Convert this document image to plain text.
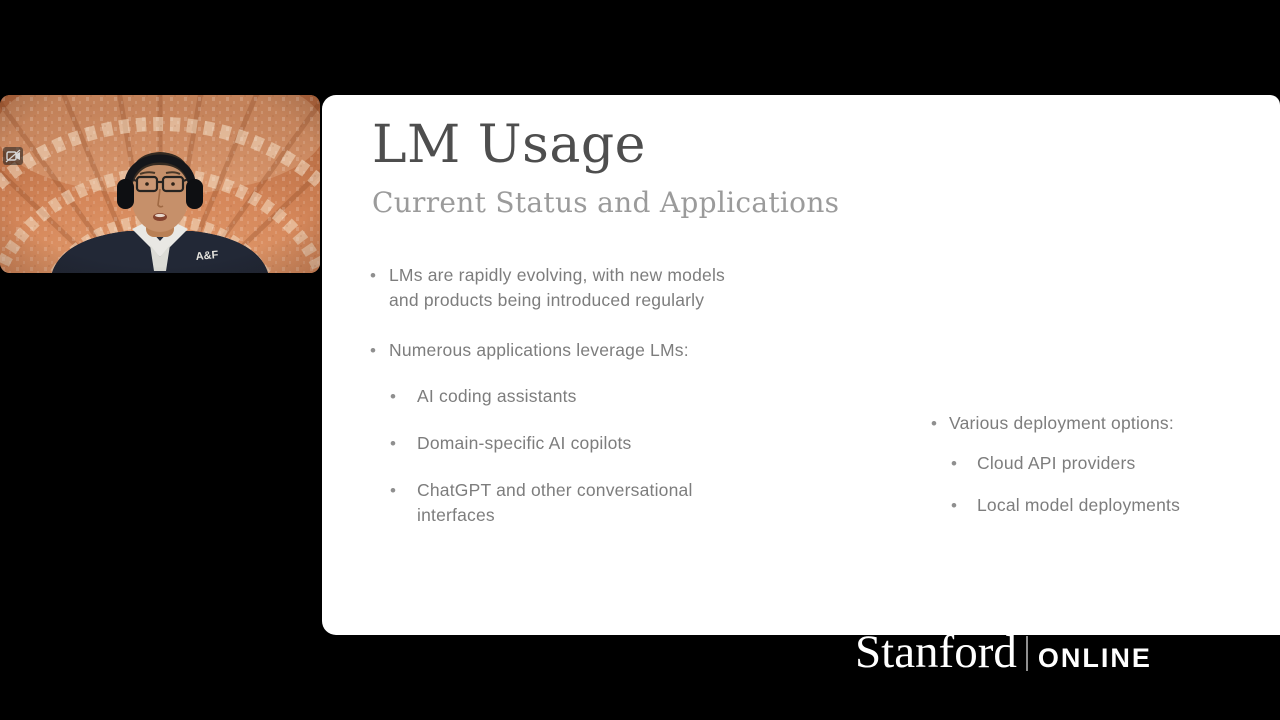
LM Usage
Current Status and Applications
• LMs are rapidly evolving, with new models and products being introduced regularly
• Numerous applications leverage LMs:
•	AI coding assistants
•	Domain-specific AI copilots
•	ChatGPT and other conversational interfaces
• Various deployment options:
•	Cloud API providers
•	Local model deployments
Stanford ONLINE
